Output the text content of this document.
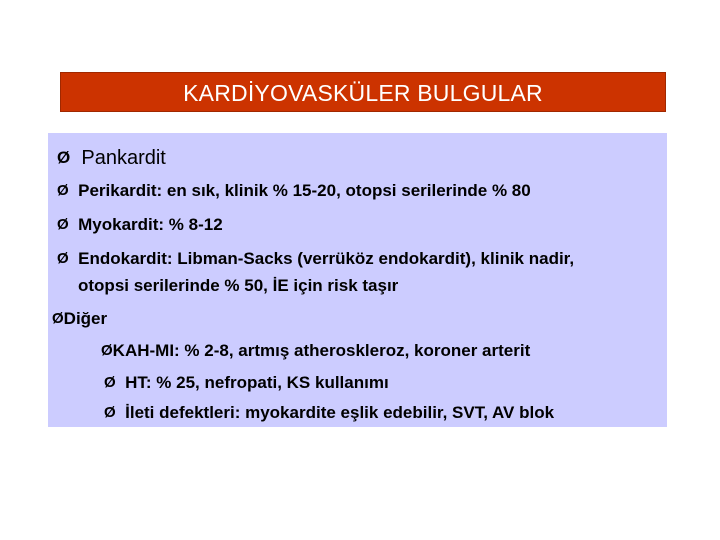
KARDİYOVASKÜLER BULGULAR
Ø Pankardit
Ø Perikardit: en sık, klinik % 15-20, otopsi serilerinde % 80
Ø Myokardit: % 8-12
Ø Endokardit: Libman-Sacks (verrüköz endokardit), klinik nadir,
otopsi serilerinde % 50, İE için risk taşır
ØDiğer
ØKAH-MI: % 2-8, artmış atheroskleroz, koroner arterit
Ø HT: % 25, nefropati, KS kullanımı
Ø İleti defektleri: myokardite eşlik edebilir, SVT, AV blok
